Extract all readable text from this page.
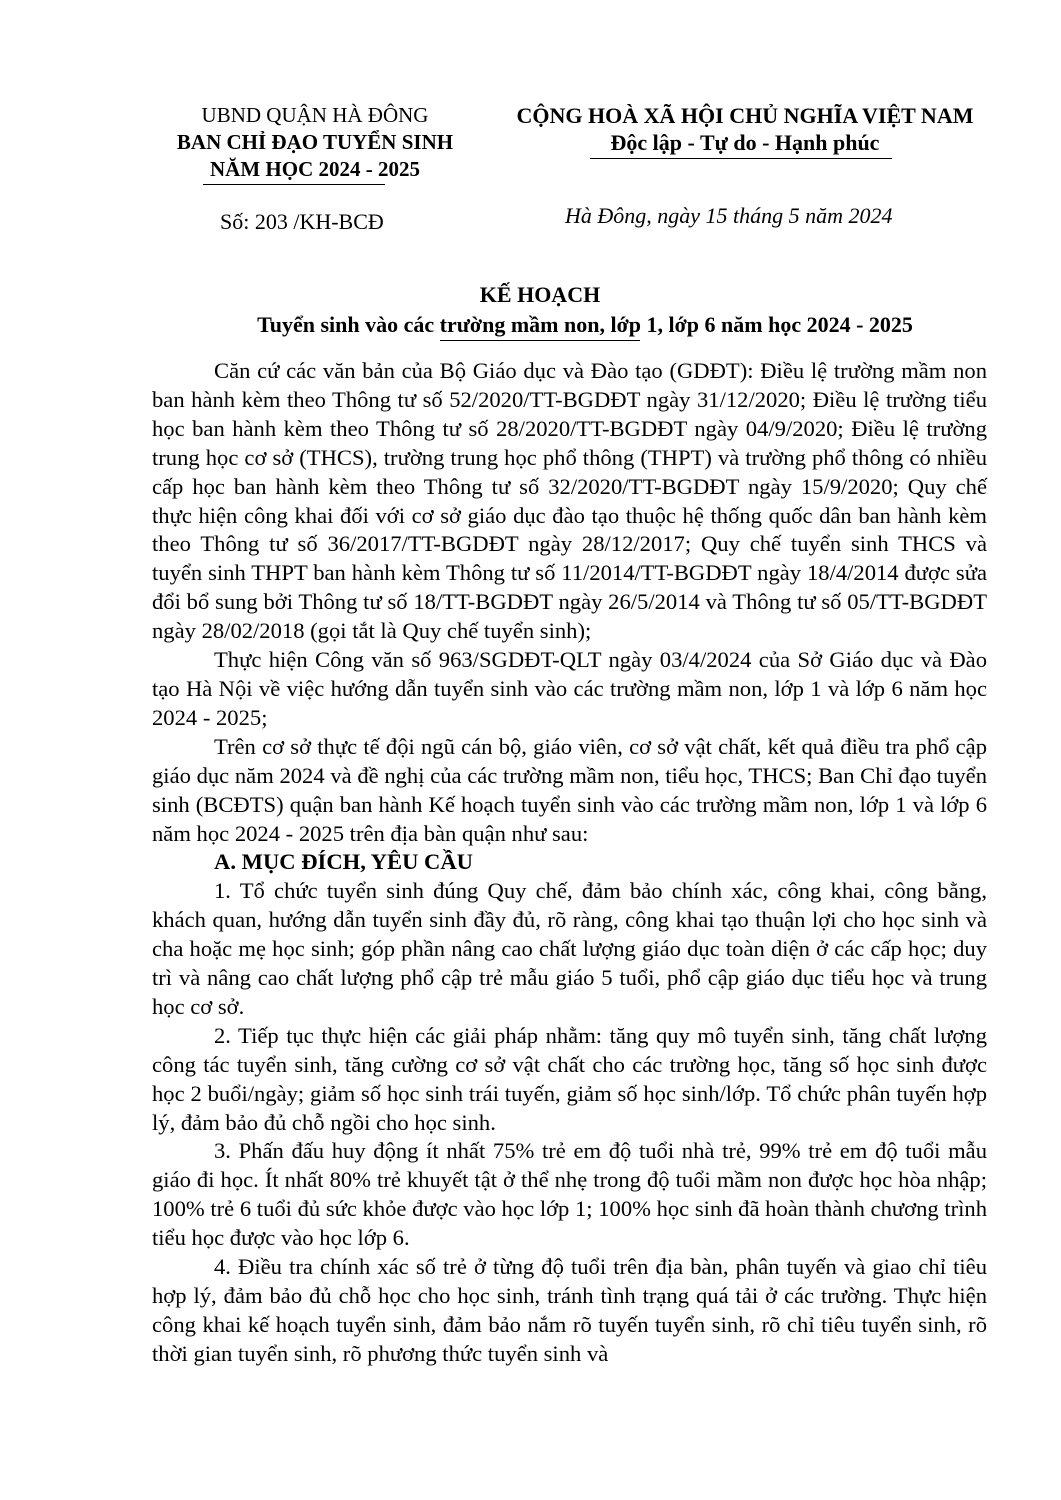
UBND QUẬN HÀ ĐÔNG
BAN CHỈ ĐẠO TUYỂN SINH
NĂM HỌC 2024 - 2025
CỘNG HOÀ XÃ HỘI CHỦ NGHĨA VIỆT NAM
Độc lập - Tự do - Hạnh phúc
Số: 203 /KH-BCĐ	Hà Đông, ngày 15 tháng 5 năm 2024
KẾ HOẠCH
Tuyển sinh vào các trường mầm non, lớp 1, lớp 6 năm học 2024 - 2025

Căn cứ các văn bản của Bộ Giáo dục và Đào tạo (GDĐT): Điều lệ trường mầm non ban hành kèm theo Thông tư số 52/2020/TT-BGDĐT ngày 31/12/2020; Điều lệ trường tiểu học ban hành kèm theo Thông tư số 28/2020/TT-BGDĐT ngày 04/9/2020; Điều lệ trường trung học cơ sở (THCS), trường trung học phổ thông (THPT) và trường phổ thông có nhiều cấp học ban hành kèm theo Thông tư số 32/2020/TT-BGDĐT ngày 15/9/2020; Quy chế thực hiện công khai đối với cơ sở giáo dục đào tạo thuộc hệ thống quốc dân ban hành kèm theo Thông tư số 36/2017/TT-BGDĐT ngày 28/12/2017; Quy chế tuyển sinh THCS và tuyển sinh THPT ban hành kèm Thông tư số 11/2014/TT-BGDĐT ngày 18/4/2014 được sửa đổi bổ sung bởi Thông tư số 18/TT-BGDĐT ngày 26/5/2014 và Thông tư số 05/TT-BGDĐT ngày 28/02/2018 (gọi tắt là Quy chế tuyển sinh);

Thực hiện Công văn số 963/SGDĐT-QLT ngày 03/4/2024 của Sở Giáo dục và Đào tạo Hà Nội về việc hướng dẫn tuyển sinh vào các trường mầm non, lớp 1 và lớp 6 năm học 2024 - 2025;

Trên cơ sở thực tế đội ngũ cán bộ, giáo viên, cơ sở vật chất, kết quả điều tra phổ cập giáo dục năm 2024 và đề nghị của các trường mầm non, tiểu học, THCS; Ban Chỉ đạo tuyển sinh (BCĐTS) quận ban hành Kế hoạch tuyển sinh vào các trường mầm non, lớp 1 và lớp 6 năm học 2024 - 2025 trên địa bàn quận như sau:

A. MỤC ĐÍCH, YÊU CẦU

1. Tổ chức tuyển sinh đúng Quy chế, đảm bảo chính xác, công khai, công bằng, khách quan, hướng dẫn tuyển sinh đầy đủ, rõ ràng, công khai tạo thuận lợi cho học sinh và cha hoặc mẹ học sinh; góp phần nâng cao chất lượng giáo dục toàn diện ở các cấp học; duy trì và nâng cao chất lượng phổ cập trẻ mẫu giáo 5 tuổi, phổ cập giáo dục tiểu học và trung học cơ sở.

2. Tiếp tục thực hiện các giải pháp nhằm: tăng quy mô tuyển sinh, tăng chất lượng công tác tuyển sinh, tăng cường cơ sở vật chất cho các trường học, tăng số học sinh được học 2 buổi/ngày; giảm số học sinh trái tuyến, giảm số học sinh/lớp. Tổ chức phân tuyến hợp lý, đảm bảo đủ chỗ ngồi cho học sinh.

3. Phấn đấu huy động ít nhất 75% trẻ em độ tuổi nhà trẻ, 99% trẻ em độ tuổi mẫu giáo đi học. Ít nhất 80% trẻ khuyết tật ở thể nhẹ trong độ tuổi mầm non được học hòa nhập; 100% trẻ 6 tuổi đủ sức khỏe được vào học lớp 1; 100% học sinh đã hoàn thành chương trình tiểu học được vào học lớp 6.

4. Điều tra chính xác số trẻ ở từng độ tuổi trên địa bàn, phân tuyến và giao chỉ tiêu hợp lý, đảm bảo đủ chỗ học cho học sinh, tránh tình trạng quá tải ở các trường. Thực hiện công khai kế hoạch tuyển sinh, đảm bảo nắm rõ tuyến tuyển sinh, rõ chỉ tiêu tuyển sinh, rõ thời gian tuyển sinh, rõ phương thức tuyển sinh và
